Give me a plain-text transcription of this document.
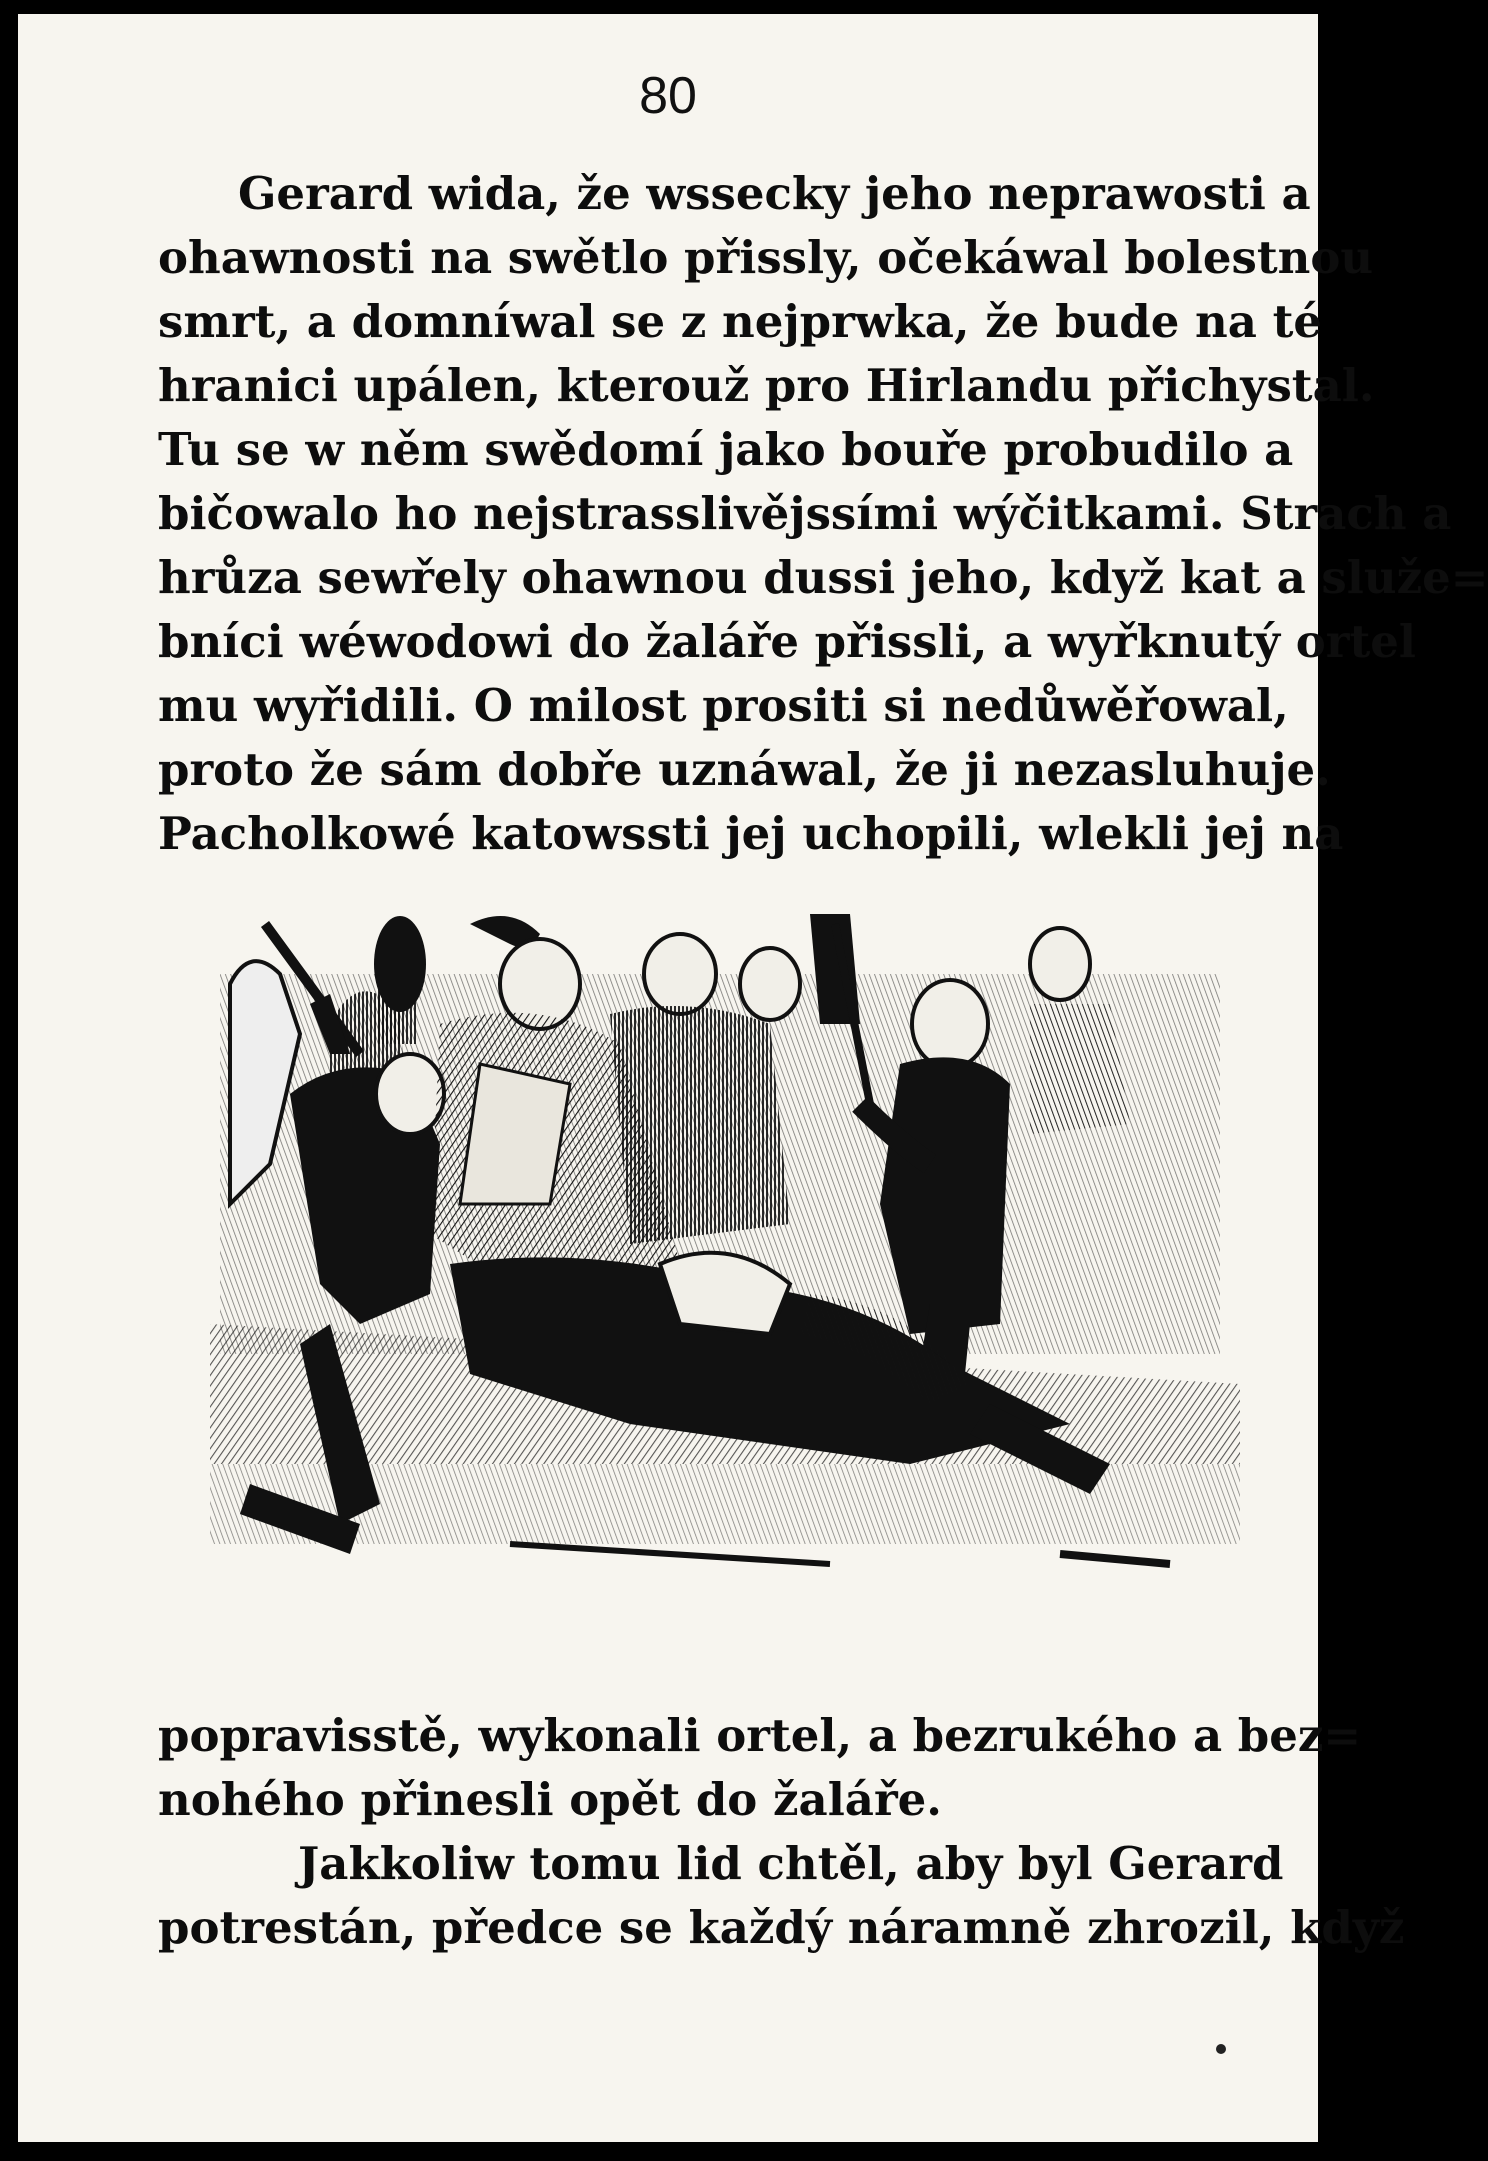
80
Gerard wida, že wssecky jeho neprawosti a
ohawnosti na swětlo přissly, očekáwal bolestnou
smrt, a domníwal se z nejprwka, že bude na té
hranici upálen, kterouž pro Hirlandu přichystal.
Tu se w něm swědomí jako bouře probudilo a
bičowalo ho nejstrasslivějssími wýčitkami. Strach a
hrůza sewřely ohawnou dussi jeho, když kat a služe=
bníci wéwodowi do žaláře přissli, a wyřknutý ortel
mu wyřidili. O milost prositi si nedůwěřowal,
proto že sám dobře uznáwal, že ji nezasluhuje.
Pacholkowé katowssti jej uchopili, wlekli jej na
popravisstě, wykonali ortel, a bezrukého a bez=
nohého přinesli opět do žaláře.
Jakkoliw tomu lid chtěl, aby byl Gerard
potrestán, předce se každý náramně zhrozil, když
